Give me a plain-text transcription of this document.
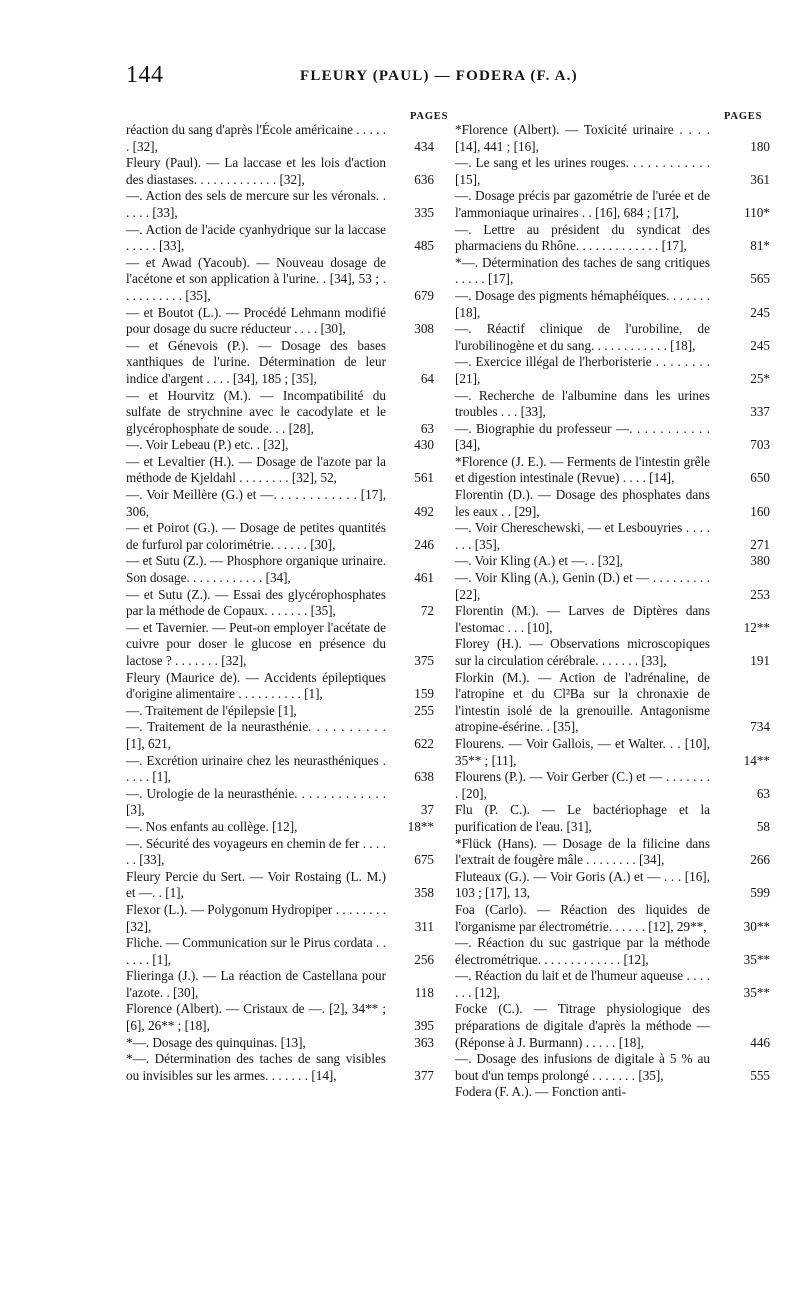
144	FLEURY (PAUL) — FODERA (F. A.)
PAGES	PAGES
réaction du sang d'après l'École américaine . . . . . . [32],	434
Fleury (Paul). — La laccase et les lois d'action des diastases. . . . . . . . . . . . . [32],	636
—. Action des sels de mercure sur les véronals. . . . . . [33],	335
—. Action de l'acide cyanhydrique sur la laccase . . . . . [33],	485
— et Awad (Yacoub). — Nouveau dosage de l'acétone et son application à l'urine. . [34], 53 ; . . . . . . . . . . [35],	679
— et Boutot (L.). — Procédé Lehmann modifié pour dosage du sucre réducteur . . . . [30],	308
— et Génevois (P.). — Dosage des bases xanthiques de l'urine. Détermination de leur indice d'argent . . . . [34], 185 ; [35],	64
— et Hourvitz (M.). — Incompatibilité du sulfate de strychnine avec le cacodylate et le glycérophosphate de soude. . . [28],	63
—. Voir Lebeau (P.) etc. . [32],	430
— et Levaltier (H.). — Dosage de l'azote par la méthode de Kjeldahl . . . . . . . . [32], 52,	561
—. Voir Meillère (G.) et —. . . . . . . . . . . . [17], 306,	492
— et Poirot (G.). — Dosage de petites quantités de furfurol par colorimétrie. . . . . . [30],	246
— et Sutu (Z.). — Phosphore organique urinaire. Son dosage. . . . . . . . . . . . [34],	461
— et Sutu (Z.). — Essai des glycérophosphates par la méthode de Copaux. . . . . . . [35],	72
— et Tavernier. — Peut-on employer l'acétate de cuivre pour doser le glucose en présence du lactose ? . . . . . . . [32],	375
Fleury (Maurice de). — Accidents épileptiques d'origine alimentaire . . . . . . . . . . [1],	159
—. Traitement de l'épilepsie [1],	255
—. Traitement de la neurasthénie. . . . . . . . . . [1], 621,	622
—. Excrétion urinaire chez les neurasthéniques . . . . . [1],	638
—. Urologie de la neurasthénie. . . . . . . . . . . . . [3],	37
—. Nos enfants au collège. [12],	18**
—. Sécurité des voyageurs en chemin de fer . . . . . . [33],	675
Fleury Percie du Sert. — Voir Rostaing (L. M.) et —. . [1],	358
Flexor (L.). — Polygonum Hydropiper . . . . . . . . [32],	311
Fliche. — Communication sur le Pirus cordata . . . . . . [1],	256
Flieringa (J.). — La réaction de Castellana pour l'azote. . [30],	118
Florence (Albert). — Cristaux de —. [2], 34** ; [6], 26** ; [18],	395
*—. Dosage des quinquinas. [13],	363
*—. Détermination des taches de sang visibles ou invisibles sur les armes. . . . . . . [14],	377
*Florence (Albert). — Toxicité urinaire . . . . [14], 441 ; [16],	180
—. Le sang et les urines rouges. . . . . . . . . . . . [15],	361
—. Dosage précis par gazométrie de l'urée et de l'ammoniaque urinaires . . [16], 684 ; [17],	110*
—. Lettre au président du syndicat des pharmaciens du Rhône. . . . . . . . . . . . . [17],	81*
*—. Détermination des taches de sang critiques . . . . . [17],	565
—. Dosage des pigments hémaphéiques. . . . . . . [18],	245
—. Réactif clinique de l'urobiline, de l'urobilinogène et du sang. . . . . . . . . . . . [18],	245
—. Exercice illégal de l'herboristerie . . . . . . . . [21],	25*
—. Recherche de l'albumine dans les urines troubles . . . [33],	337
—. Biographie du professeur —. . . . . . . . . . . [34],	703
*Florence (J. E.). — Ferments de l'intestin grêle et digestion intestinale (Revue) . . . . [14],	650
Florentin (D.). — Dosage des phosphates dans les eaux . . [29],	160
—. Voir Chereschewski, — et Lesbouyries . . . . . . . [35],	271
—. Voir Kling (A.) et —. . [32],	380
—. Voir Kling (A.), Genin (D.) et — . . . . . . . . . [22],	253
Florentin (M.). — Larves de Diptères dans l'estomac . . . [10],	12**
Florey (H.). — Observations microscopiques sur la circulation cérébrale. . . . . . . [33],	191
Florkin (M.). — Action de l'adrénaline, de l'atropine et du Cl²Ba sur la chronaxie de l'intestin isolé de la grenouille. Antagonisme atropine-ésérine. . [35],	734
Flourens. — Voir Gallois, — et Walter. . . [10], 35** ; [11],	14**
Flourens (P.). — Voir Gerber (C.) et — . . . . . . . . [20],	63
Flu (P. C.). — Le bactériophage et la purification de l'eau. [31],	58
*Flück (Hans). — Dosage de la filicine dans l'extrait de fougère mâle . . . . . . . . [34],	266
Fluteaux (G.). — Voir Goris (A.) et — . . . [16], 103 ; [17], 13,	599
Foa (Carlo). — Réaction des liquides de l'organisme par électrométrie. . . . . . [12], 29**,	30**
—. Réaction du suc gastrique par la méthode électrométrique. . . . . . . . . . . . . [12],	35**
—. Réaction du lait et de l'humeur aqueuse . . . . . . . [12],	35**
Focke (C.). — Titrage physiologique des préparations de digitale d'après la méthode — (Réponse à J. Burmann) . . . . . [18],	446
—. Dosage des infusions de digitale à 5 % au bout d'un temps prolongé . . . . . . . [35],	555
Fodera (F. A.). — Fonction anti-
